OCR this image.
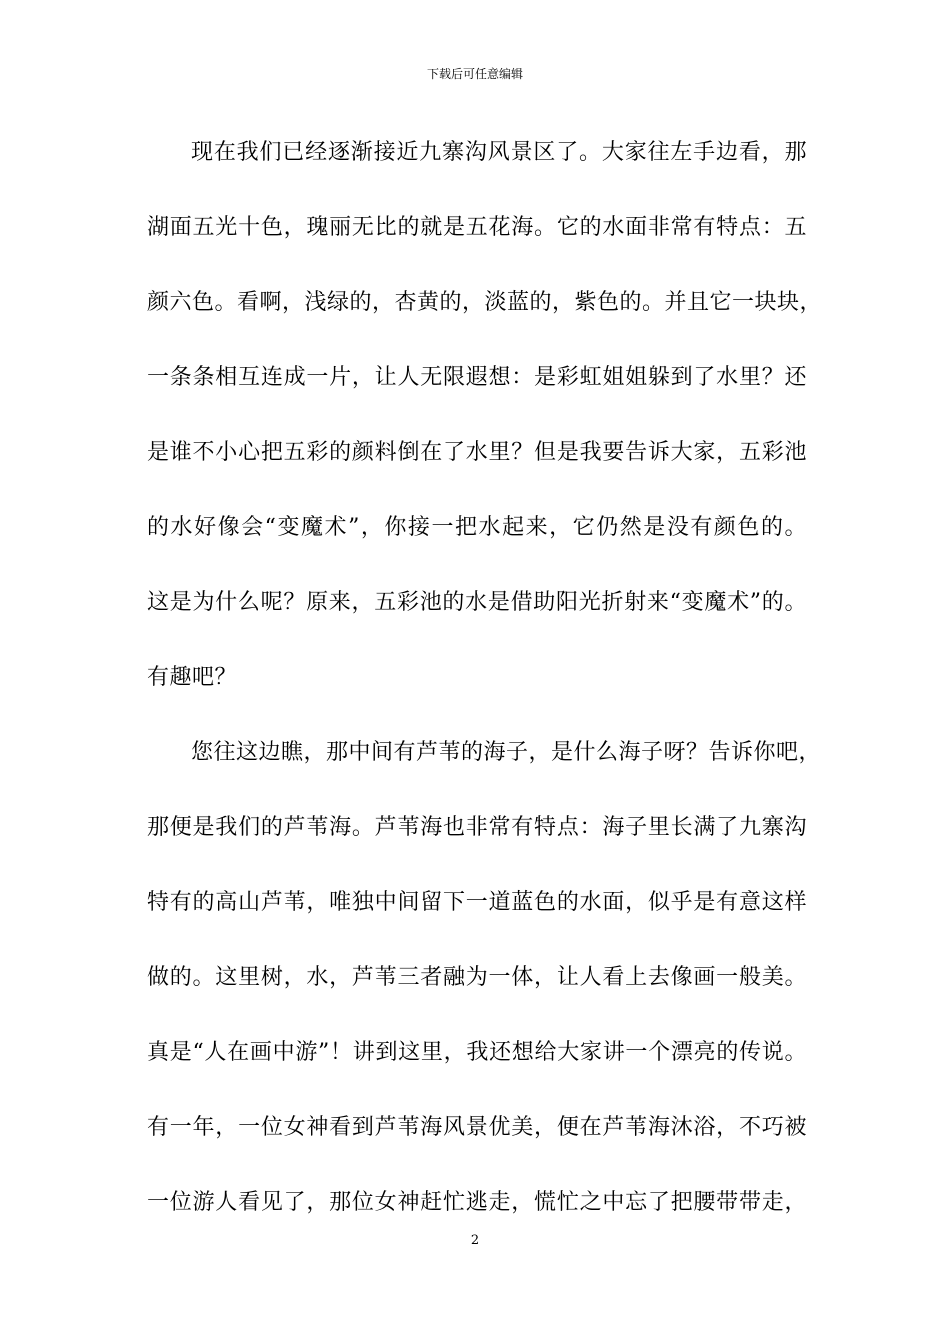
下载后可任意编辑
现在我们已经逐渐接近九寨沟风景区了。大家往左手边看，那
湖面五光十色，瑰丽无比的就是五花海。它的水面非常有特点：五
颜六色。看啊，浅绿的，杏黄的，淡蓝的，紫色的。并且它一块块，
一条条相互连成一片，让人无限遐想：是彩虹姐姐躲到了水里？还
是谁不小心把五彩的颜料倒在了水里？但是我要告诉大家，五彩池
的水好像会“变魔术”，你接一把水起来，它仍然是没有颜色的。
这是为什么呢？原来，五彩池的水是借助阳光折射来“变魔术”的。
有趣吧？
您往这边瞧，那中间有芦苇的海子，是什么海子呀？告诉你吧，
那便是我们的芦苇海。芦苇海也非常有特点：海子里长满了九寨沟
特有的高山芦苇，唯独中间留下一道蓝色的水面，似乎是有意这样
做的。这里树，水，芦苇三者融为一体，让人看上去像画一般美。
真是“人在画中游”！讲到这里，我还想给大家讲一个漂亮的传说。
有一年，一位女神看到芦苇海风景优美，便在芦苇海沐浴，不巧被
一位游人看见了，那位女神赶忙逃走，慌忙之中忘了把腰带带走，
2
